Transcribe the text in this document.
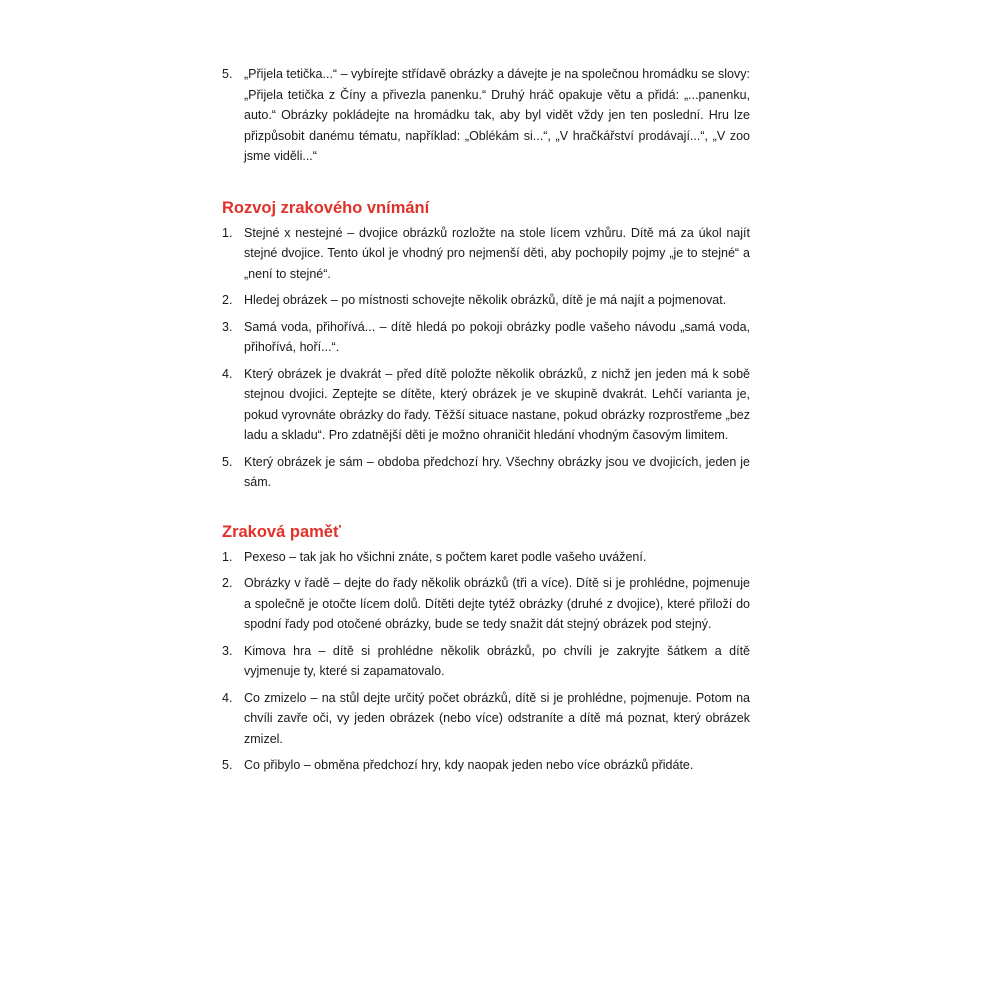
5. „Přijela tetička...“ – vybírejte střídavě obrázky a dávejte je na společnou hromádku se slovy: „Přijela tetička z Číny a přivezla panenku.“ Druhý hráč opakuje větu a přidá: „...panenku, auto.“ Obrázky pokládejte na hromádku tak, aby byl vidět vždy jen ten poslední. Hru lze přizpůsobit danému tématu, například: „Oblékám si...“, „V hračkářství prodávají...“, „V zoo jsme viděli...“
Rozvoj zrakového vnímání
1. Stejné x nestejné – dvojice obrázků rozložte na stole lícem vzhůru. Dítě má za úkol najít stejné dvojice. Tento úkol je vhodný pro nejmenší děti, aby pochopily pojmy „je to stejné“ a „není to stejné“.
2. Hledej obrázek – po místnosti schovejte několik obrázků, dítě je má najít a pojmenovat.
3. Samá voda, přihořívá... – dítě hledá po pokoji obrázky podle vašeho návodu „samá voda, přihořívá, hoří...“.
4. Který obrázek je dvakrát – před dítě položte několik obrázků, z nichž jen jeden má k sobě stejnou dvojici. Zeptejte se dítěte, který obrázek je ve skupině dvakrát. Lehčí varianta je, pokud vyrovnáte obrázky do řady. Těžší situace nastane, pokud obrázky rozprostřeme „bez ladu a skladu“. Pro zdatnější děti je možno ohraničit hledání vhodným časovým limitem.
5. Který obrázek je sám – obdoba předchozí hry. Všechny obrázky jsou ve dvojicích, jeden je sám.
Zraková paměť
1. Pexeso – tak jak ho všichni znáte, s počtem karet podle vašeho uvážení.
2. Obrázky v řadě – dejte do řady několik obrázků (tři a více). Dítě si je prohlédne, pojmenuje a společně je otočte lícem dolů. Dítěti dejte tytéž obrázky (druhé z dvojice), které přiloží do spodní řady pod otočené obrázky, bude se tedy snažit dát stejný obrázek pod stejný.
3. Kimova hra – dítě si prohlédne několik obrázků, po chvíli je zakryjte šátkem a dítě vyjmenuje ty, které si zapamatovalo.
4. Co zmizelo – na stůl dejte určitý počet obrázků, dítě si je prohlédne, pojmenuje. Potom na chvíli zavře oči, vy jeden obrázek (nebo více) odstraníte a dítě má poznat, který obrázek zmizel.
5. Co přibylo – obměna předchozí hry, kdy naopak jeden nebo více obrázků přidáte.
